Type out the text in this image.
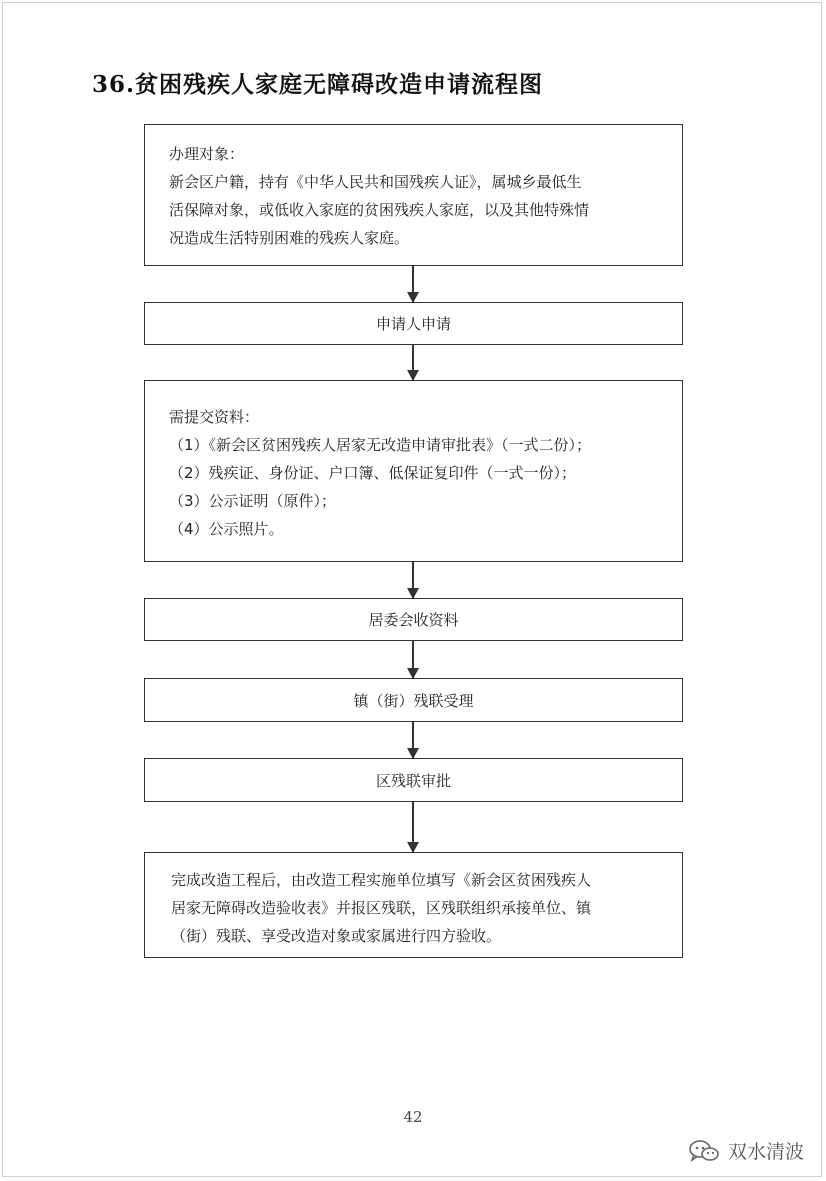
36.贫困残疾人家庭无障碍改造申请流程图
办理对象：
新会区户籍，持有《中华人民共和国残疾人证》，属城乡最低生
活保障对象，或低收入家庭的贫困残疾人家庭，以及其他特殊情
况造成生活特别困难的残疾人家庭。
申请人申请
需提交资料：
（1）《新会区贫困残疾人居家无改造申请审批表》（一式二份）；
（2）残疾证、身份证、户口簿、低保证复印件（一式一份）；
（3）公示证明（原件）；
（4）公示照片。
居委会收资料
镇（街）残联受理
区残联审批
完成改造工程后，由改造工程实施单位填写《新会区贫困残疾人
居家无障碍改造验收表》并报区残联，区残联组织承接单位、镇
（街）残联、享受改造对象或家属进行四方验收。
42
双水清波
